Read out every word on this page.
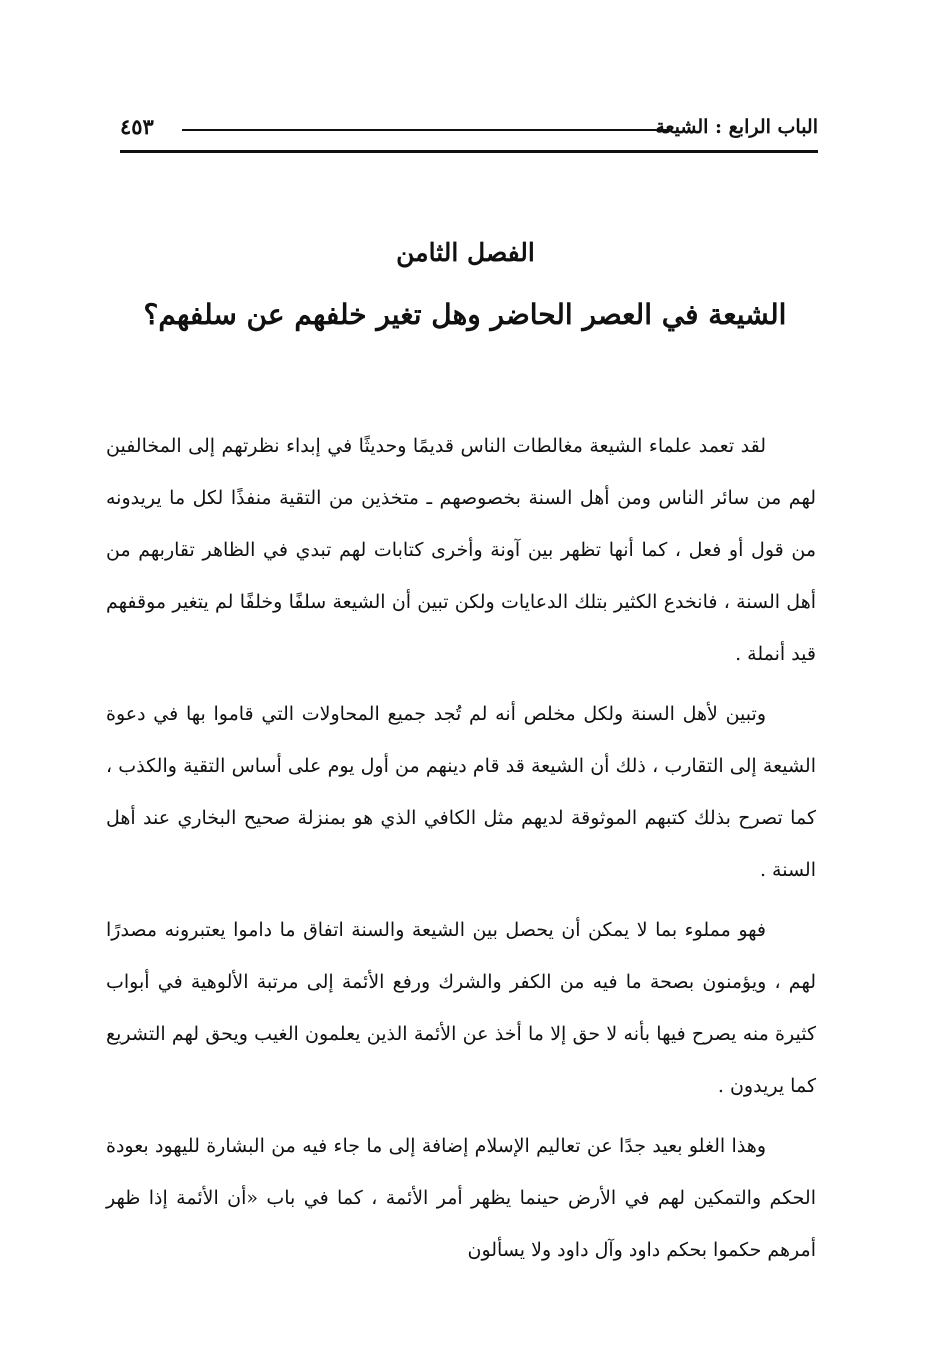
الباب الرابع : الشيعة
٤٥٣
الفصل الثامن
الشيعة في العصر الحاضر وهل تغير خلفهم عن سلفهم؟

لقد تعمد علماء الشيعة مغالطات الناس قديمًا وحديثًا في إبداء نظرتهم إلى المخالفين لهم من سائر الناس ومن أهل السنة بخصوصهم ـ متخذين من التقية منفذًا لكل ما يريدونه من قول أو فعل ، كما أنها تظهر بين آونة وأخرى كتابات لهم تبدي في الظاهر تقاربهم من أهل السنة ، فانخدع الكثير بتلك الدعايات ولكن تبين أن الشيعة سلفًا وخلفًا لم يتغير موقفهم قيد أنملة .

وتبين لأهل السنة ولكل مخلص أنه لم تُجد جميع المحاولات التي قاموا بها في دعوة الشيعة إلى التقارب ، ذلك أن الشيعة قد قام دينهم من أول يوم على أساس التقية والكذب ، كما تصرح بذلك كتبهم الموثوقة لديهم مثل الكافي الذي هو بمنزلة صحيح البخاري عند أهل السنة .

فهو مملوء بما لا يمكن أن يحصل بين الشيعة والسنة اتفاق ما داموا يعتبرونه مصدرًا لهم ، ويؤمنون بصحة ما فيه من الكفر والشرك ورفع الأئمة إلى مرتبة الألوهية في أبواب كثيرة منه يصرح فيها بأنه لا حق إلا ما أخذ عن الأئمة الذين يعلمون الغيب ويحق لهم التشريع كما يريدون .

وهذا الغلو بعيد جدًا عن تعاليم الإسلام إضافة إلى ما جاء فيه من البشارة لليهود بعودة الحكم والتمكين لهم في الأرض حينما يظهر أمر الأئمة ، كما في باب «أن الأئمة إذا ظهر أمرهم حكموا بحكم داود وآل داود ولا يسألون
